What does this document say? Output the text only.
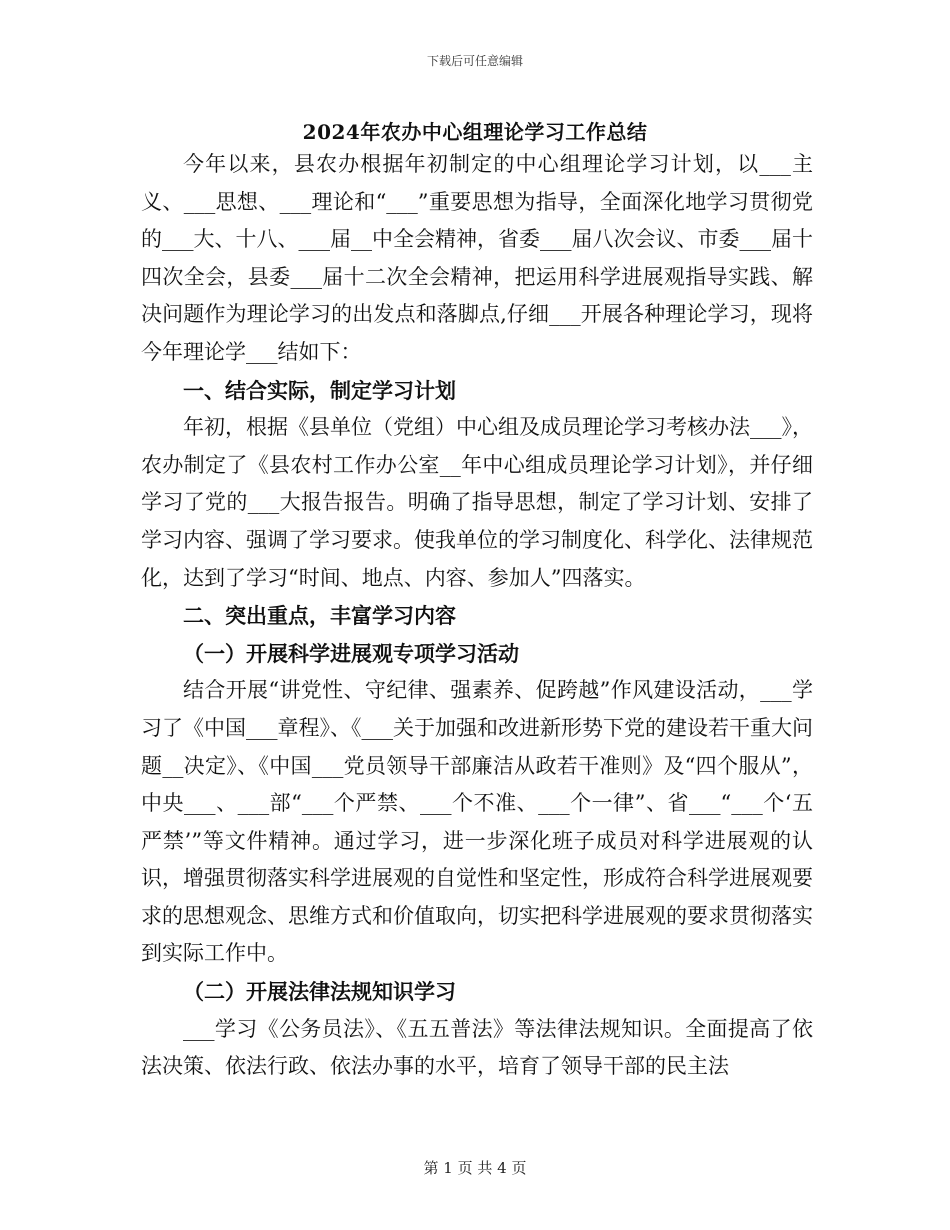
下载后可任意编辑
2024年农办中心组理论学习工作总结

今年以来，县农办根据年初制定的中心组理论学习计划，以___主义、___思想、___理论和“___”重要思想为指导，全面深化地学习贯彻党的___大、十八、___届__中全会精神，省委___届八次会议、市委___届十四次全会，县委___届十二次全会精神，把运用科学进展观指导实践、解决问题作为理论学习的出发点和落脚点,仔细___开展各种理论学习，现将今年理论学___结如下：

一、结合实际，制定学习计划

年初，根据《县单位（党组）中心组及成员理论学习考核办法___》，农办制定了《县农村工作办公室__年中心组成员理论学习计划》，并仔细学习了党的___大报告报告。明确了指导思想，制定了学习计划、安排了学习内容、强调了学习要求。使我单位的学习制度化、科学化、法律规范化，达到了学习“时间、地点、内容、参加人”四落实。

二、突出重点，丰富学习内容

（一）开展科学进展观专项学习活动

结合开展“讲党性、守纪律、强素养、促跨越”作风建设活动，___学习了《中国___章程》、《___关于加强和改进新形势下党的建设若干重大问题__决定》、《中国___党员领导干部廉洁从政若干准则》及“四个服从”，中央___、___部“___个严禁、___个不准、___个一律”、省___“___个‘五严禁’”等文件精神。通过学习，进一步深化班子成员对科学进展观的认识，增强贯彻落实科学进展观的自觉性和坚定性，形成符合科学进展观要求的思想观念、思维方式和价值取向，切实把科学进展观的要求贯彻落实到实际工作中。

（二）开展法律法规知识学习

___学习《公务员法》、《五五普法》等法律法规知识。全面提高了依法决策、依法行政、依法办事的水平，培育了领导干部的民主法

第 1 页 共 4 页
